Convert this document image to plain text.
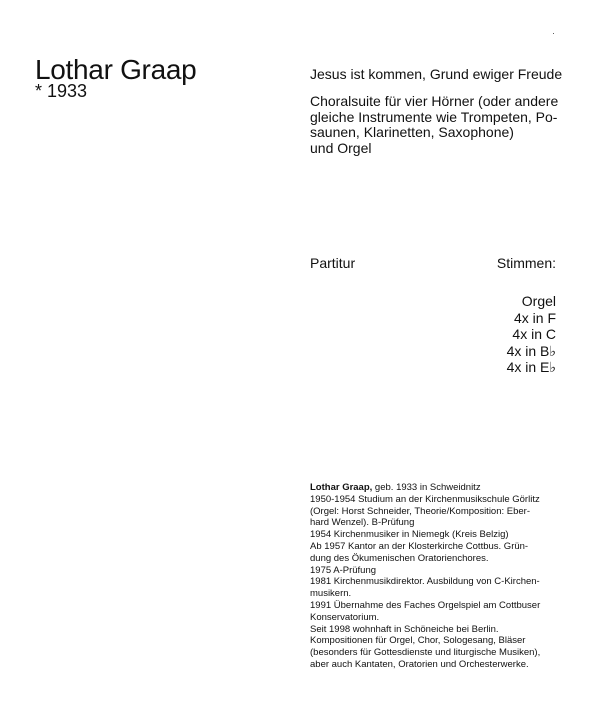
·
Lothar Graap
* 1933
Jesus ist kommen, Grund ewiger Freude
Choralsuite für vier Hörner (oder andere
gleiche Instrumente wie Trompeten, Po-
saunen, Klarinetten, Saxophone)
und Orgel
Partitur	Stimmen:
Orgel
4x in F
4x in C
4x in B♭
4x in E♭
Lothar Graap, geb. 1933 in Schweidnitz
1950-1954 Studium an der Kirchenmusikschule Görlitz
(Orgel: Horst Schneider, Theorie/Komposition: Eber-
hard Wenzel). B-Prüfung
1954 Kirchenmusiker in Niemegk (Kreis Belzig)
Ab 1957 Kantor an der Klosterkirche Cottbus. Grün-
dung des Ökumenischen Oratorienchores.
1975 A-Prüfung
1981 Kirchenmusikdirektor. Ausbildung von C-Kirchen-
musikern.
1991 Übernahme des Faches Orgelspiel am Cottbuser
Konservatorium.
Seit 1998 wohnhaft in Schöneiche bei Berlin.
Kompositionen für Orgel, Chor, Sologesang, Bläser
(besonders für Gottesdienste und liturgische Musiken),
aber auch Kantaten, Oratorien und Orchesterwerke.
